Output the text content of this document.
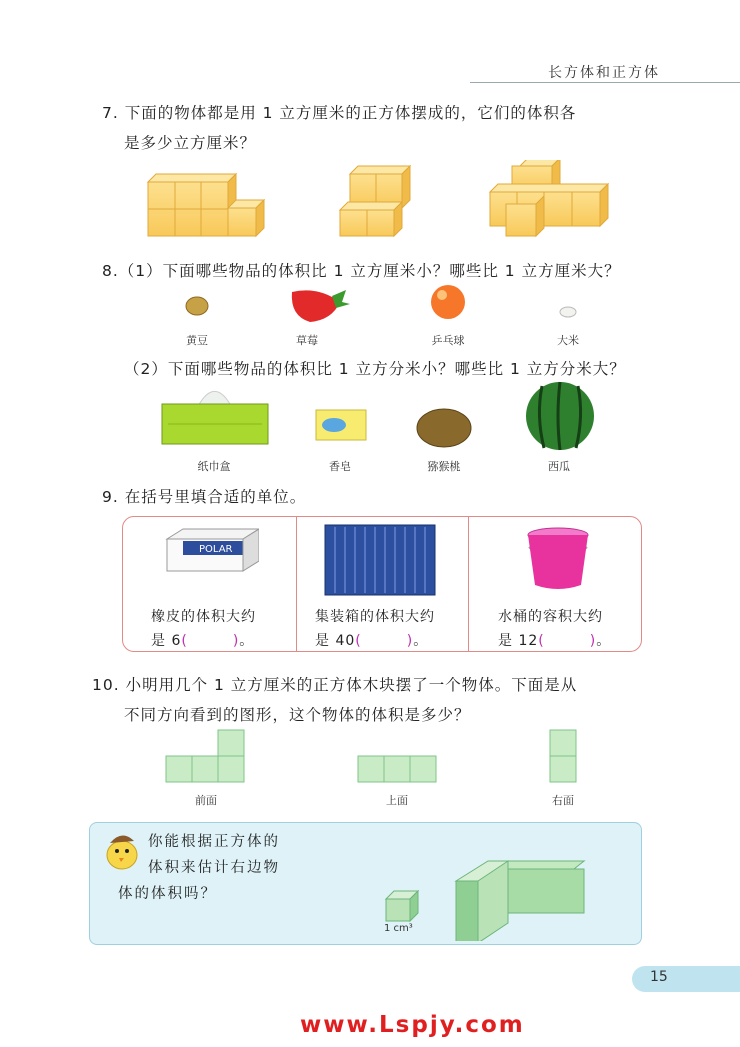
长方体和正方体
7. 下面的物体都是用 1 立方厘米的正方体摆成的，它们的体积各
是多少立方厘米？
8.（1）下面哪些物品的体积比 1 立方厘米小？哪些比 1 立方厘米大？
黄豆	草莓	乒乓球	大米
（2）下面哪些物品的体积比 1 立方分米小？哪些比 1 立方分米大？
纸巾盒	香皂	猕猴桃	西瓜
9. 在括号里填合适的单位。
POLAR
橡皮的体积大约
是 6(　　　)。
集装箱的体积大约
是 40(　　　)。
水桶的容积大约
是 12(　　　)。
10. 小明用几个 1 立方厘米的正方体木块摆了一个物体。下面是从
不同方向看到的图形，这个物体的体积是多少？
前面	上面	右面
你能根据正方体的
体积来估计右边物
体的体积吗？
1 cm³
15
www.Lspjy.com
